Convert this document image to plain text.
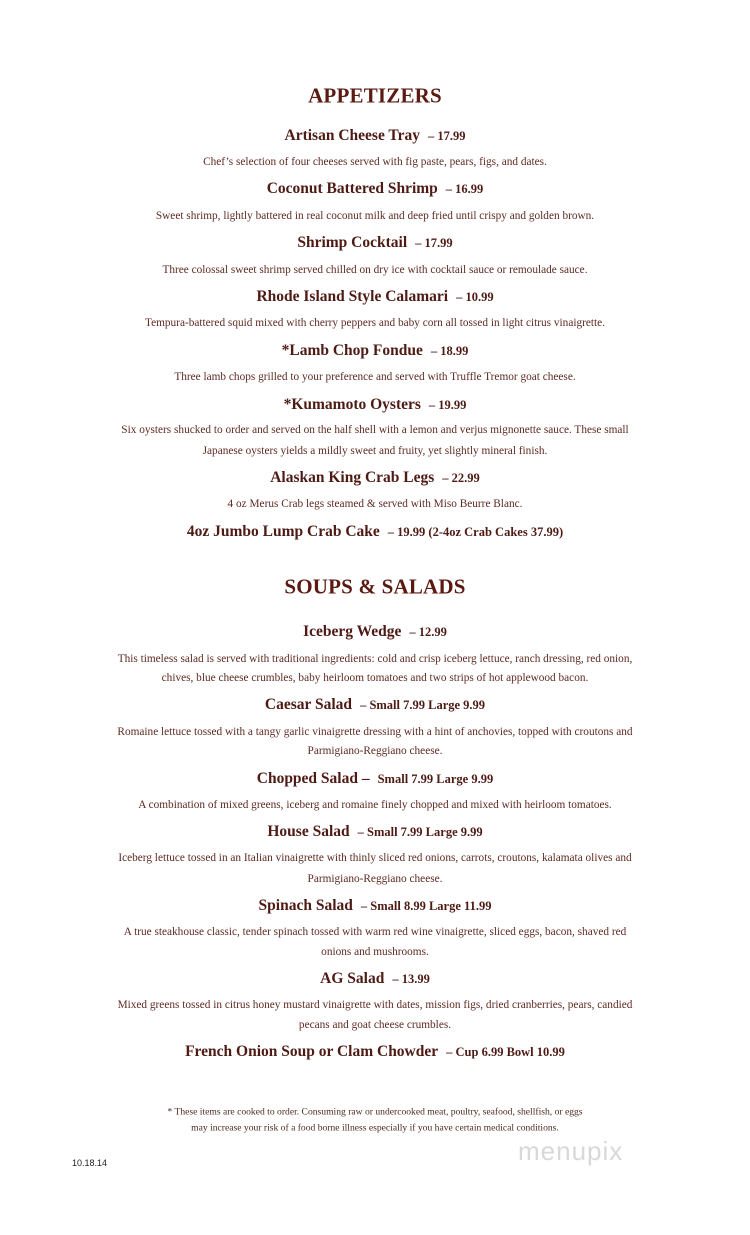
APPETIZERS
Artisan Cheese Tray – 17.99
Chef’s selection of four cheeses served with fig paste, pears, figs, and dates.
Coconut Battered Shrimp – 16.99
Sweet shrimp, lightly battered in real coconut milk and deep fried until crispy and golden brown.
Shrimp Cocktail – 17.99
Three colossal sweet shrimp served chilled on dry ice with cocktail sauce or remoulade sauce.
Rhode Island Style Calamari – 10.99
Tempura-battered squid mixed with cherry peppers and baby corn all tossed in light citrus vinaigrette.
*Lamb Chop Fondue – 18.99
Three lamb chops grilled to your preference and served with Truffle Tremor goat cheese.
*Kumamoto Oysters – 19.99
Six oysters shucked to order and served on the half shell with a lemon and verjus mignonette sauce. These small
Japanese oysters yields a mildly sweet and fruity, yet slightly mineral finish.
Alaskan King Crab Legs – 22.99
4 oz Merus Crab legs steamed & served with Miso Beurre Blanc.
4oz Jumbo Lump Crab Cake – 19.99 (2-4oz Crab Cakes 37.99)
SOUPS & SALADS
Iceberg Wedge – 12.99
This timeless salad is served with traditional ingredients: cold and crisp iceberg lettuce, ranch dressing, red onion,
chives, blue cheese crumbles, baby heirloom tomatoes and two strips of hot applewood bacon.
Caesar Salad – Small 7.99 Large 9.99
Romaine lettuce tossed with a tangy garlic vinaigrette dressing with a hint of anchovies, topped with croutons and
Parmigiano-Reggiano cheese.
Chopped Salad – Small 7.99 Large 9.99
A combination of mixed greens, iceberg and romaine finely chopped and mixed with heirloom tomatoes.
House Salad – Small 7.99 Large 9.99
Iceberg lettuce tossed in an Italian vinaigrette with thinly sliced red onions, carrots, croutons, kalamata olives and
Parmigiano-Reggiano cheese.
Spinach Salad – Small 8.99 Large 11.99
A true steakhouse classic, tender spinach tossed with warm red wine vinaigrette, sliced eggs, bacon, shaved red
onions and mushrooms.
AG Salad – 13.99
Mixed greens tossed in citrus honey mustard vinaigrette with dates, mission figs, dried cranberries, pears, candied
pecans and goat cheese crumbles.
French Onion Soup or Clam Chowder – Cup 6.99 Bowl 10.99
* These items are cooked to order. Consuming raw or undercooked meat, poultry, seafood, shellfish, or eggs
may increase your risk of a food borne illness especially if you have certain medical conditions.
10.18.14	menupix
